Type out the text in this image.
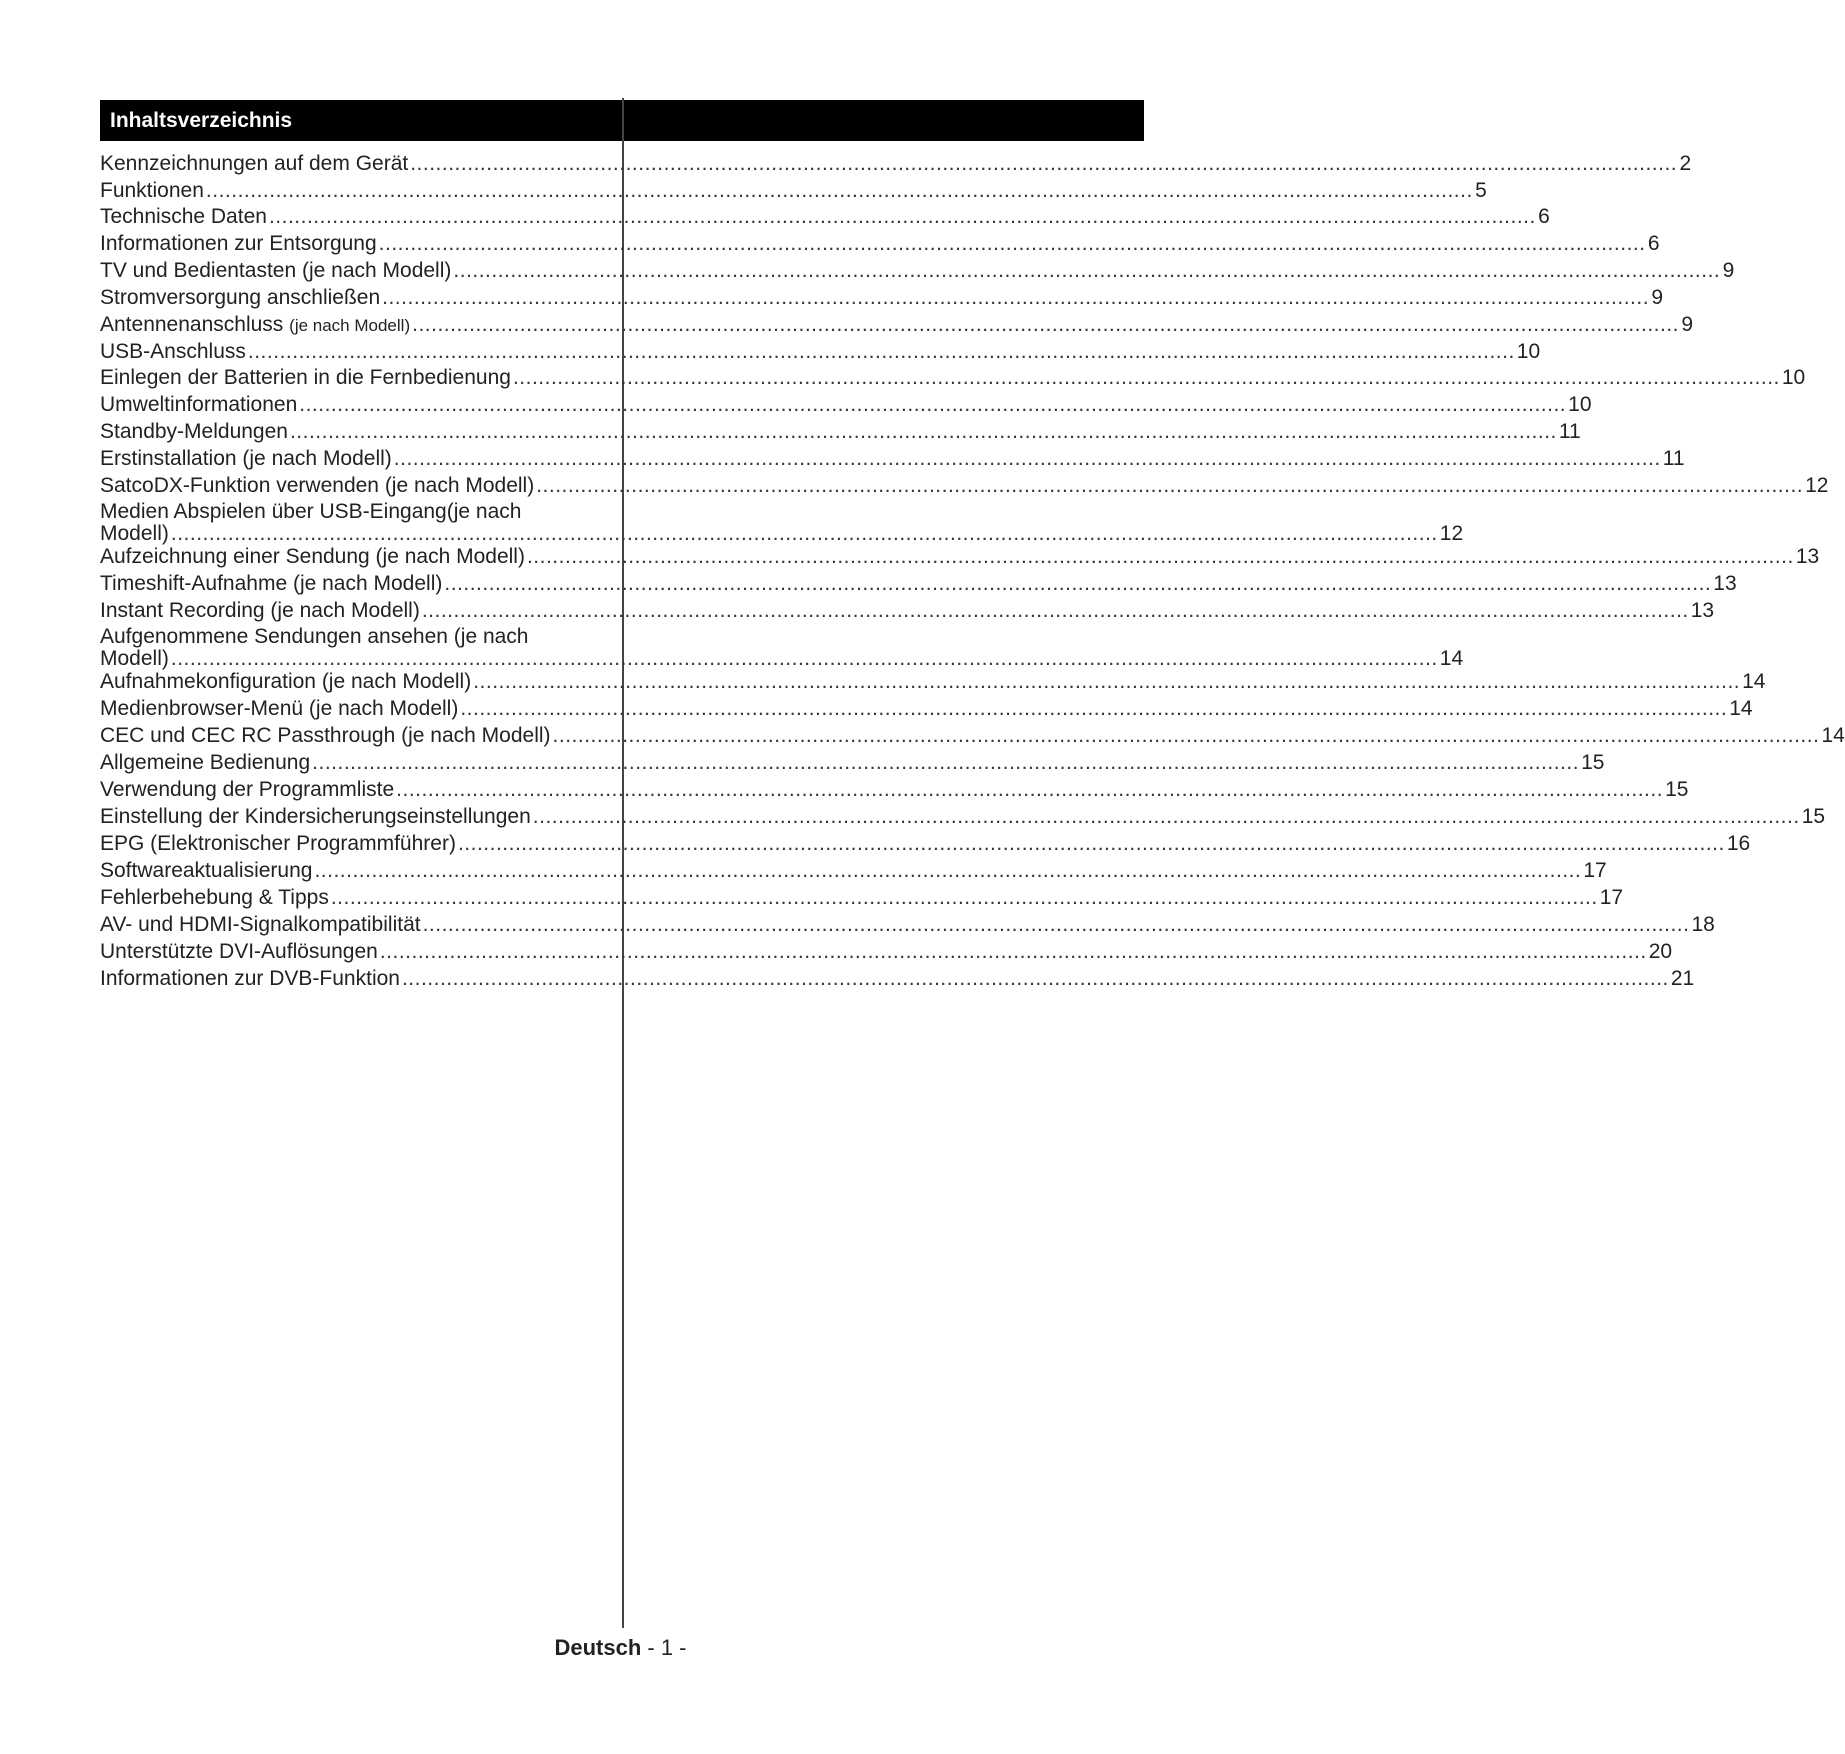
Inhaltsverzeichnis
Kennzeichnungen auf dem Gerät ........................................................................................................................................................................................................ 2
Funktionen ........................................................................................................................................................................................................ 5
Technische Daten ........................................................................................................................................................................................................ 6
Informationen zur Entsorgung ........................................................................................................................................................................................................ 6
TV und Bedientasten (je nach Modell) ........................................................................................................................................................................................................ 9
Stromversorgung anschließen ........................................................................................................................................................................................................ 9
Antennenanschluss (je nach Modell) ........................................................................................................................................................................................................ 9
USB-Anschluss ........................................................................................................................................................................................................ 10
Einlegen der Batterien in die Fernbedienung ........................................................................................................................................................................................................ 10
Umweltinformationen ........................................................................................................................................................................................................ 10
Standby-Meldungen ........................................................................................................................................................................................................ 11
Erstinstallation (je nach Modell) ........................................................................................................................................................................................................ 11
SatcoDX-Funktion verwenden (je nach Modell) ........................................................................................................................................................................................................ 12
Medien Abspielen über USB-Eingang(je nach
Modell) ........................................................................................................................................................................................................ 12
Aufzeichnung einer Sendung (je nach Modell) ........................................................................................................................................................................................................ 13
Timeshift-Aufnahme (je nach Modell) ........................................................................................................................................................................................................ 13
Instant Recording (je nach Modell) ........................................................................................................................................................................................................ 13
Aufgenommene Sendungen ansehen (je nach
Modell) ........................................................................................................................................................................................................ 14
Aufnahmekonfiguration (je nach Modell) ........................................................................................................................................................................................................ 14
Medienbrowser-Menü (je nach Modell) ........................................................................................................................................................................................................ 14
CEC und CEC RC Passthrough (je nach Modell) ........................................................................................................................................................................................................ 14
Allgemeine Bedienung ........................................................................................................................................................................................................ 15
Verwendung der Programmliste ........................................................................................................................................................................................................ 15
Einstellung der Kindersicherungseinstellungen ........................................................................................................................................................................................................ 15
EPG (Elektronischer Programmführer) ........................................................................................................................................................................................................ 16
Softwareaktualisierung ........................................................................................................................................................................................................ 17
Fehlerbehebung & Tipps ........................................................................................................................................................................................................ 17
AV- und HDMI-Signalkompatibilität ........................................................................................................................................................................................................ 18
Unterstützte DVI-Auflösungen ........................................................................................................................................................................................................ 20
Informationen zur DVB-Funktion ........................................................................................................................................................................................................ 21
Deutsch - 1 -
